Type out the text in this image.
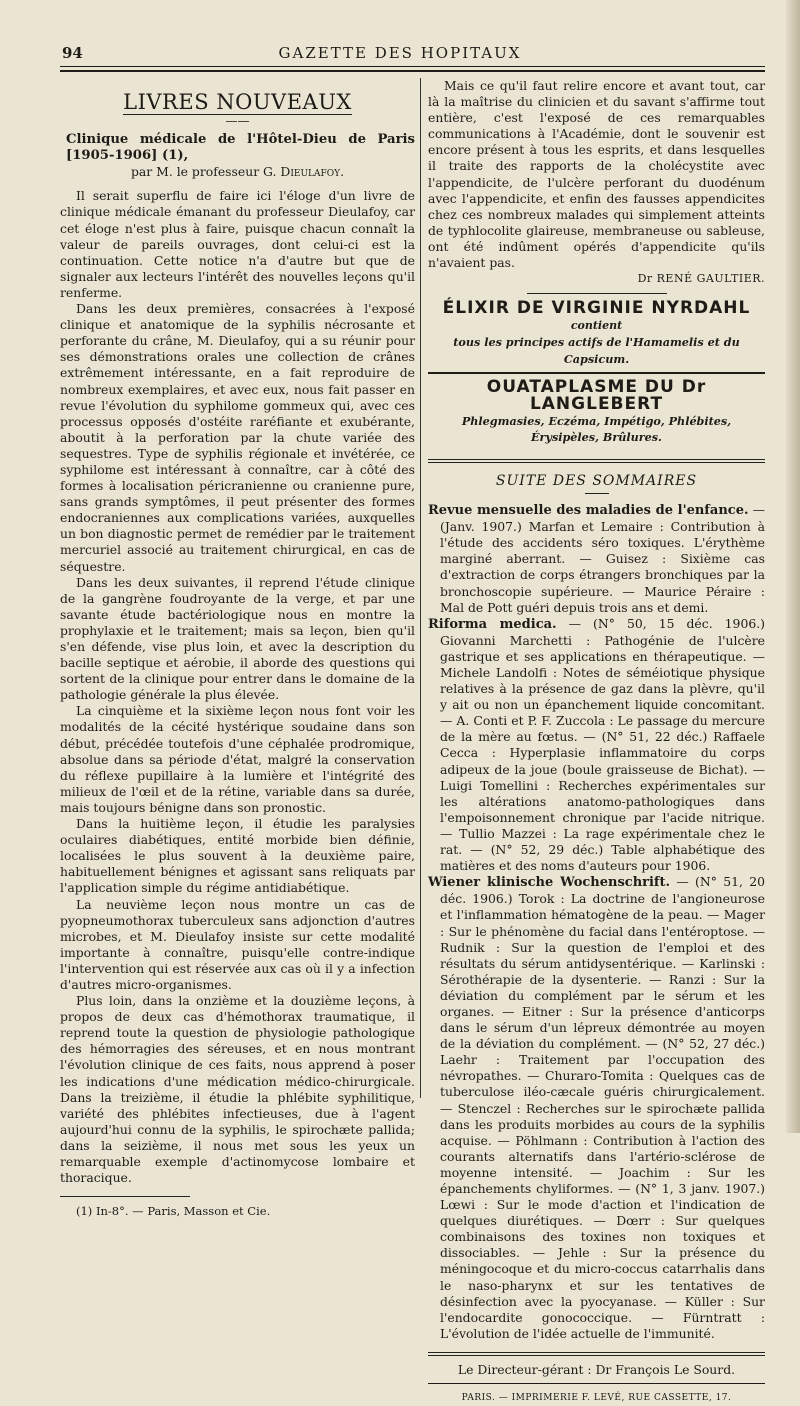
94	GAZETTE DES HOPITAUX
LIVRES NOUVEAUX
——
Clinique médicale de l'Hôtel-Dieu de Paris [1905-1906] (1),
par M. le professeur G. Dieulafoy.

Il serait superflu de faire ici l'éloge d'un livre de clinique médicale émanant du professeur Dieulafoy, car cet éloge n'est plus à faire, puisque chacun connaît la valeur de pareils ouvrages, dont celui-ci est la continuation. Cette notice n'a d'autre but que de signaler aux lecteurs l'intérêt des nouvelles leçons qu'il renferme.

Dans les deux premières, consacrées à l'exposé clinique et anatomique de la syphilis nécrosante et perforante du crâne, M. Dieulafoy, qui a su réunir pour ses démonstrations orales une collection de crânes extrêmement intéressante, en a fait reproduire de nombreux exemplaires, et avec eux, nous fait passer en revue l'évolution du syphilome gommeux qui, avec ces processus opposés d'ostéite raréfiante et exubérante, aboutit à la perforation par la chute variée des sequestres. Type de syphilis régionale et invétérée, ce syphilome est intéressant à connaître, car à côté des formes à localisation péricranienne ou cranienne pure, sans grands symptômes, il peut présenter des formes endocraniennes aux complications variées, auxquelles un bon diagnostic permet de remédier par le traitement mercuriel associé au traitement chirurgical, en cas de séquestre.

Dans les deux suivantes, il reprend l'étude clinique de la gangrène foudroyante de la verge, et par une savante étude bactériologique nous en montre la prophylaxie et le traitement; mais sa leçon, bien qu'il s'en défende, vise plus loin, et avec la description du bacille septique et aérobie, il aborde des questions qui sortent de la clinique pour entrer dans le domaine de la pathologie générale la plus élevée.

La cinquième et la sixième leçon nous font voir les modalités de la cécité hystérique soudaine dans son début, précédée toutefois d'une céphalée prodromique, absolue dans sa période d'état, malgré la conservation du réflexe pupillaire à la lumière et l'intégrité des milieux de l'œil et de la rétine, variable dans sa durée, mais toujours bénigne dans son pronostic.

Dans la huitième leçon, il étudie les paralysies oculaires diabétiques, entité morbide bien définie, localisées le plus souvent à la deuxième paire, habituellement bénignes et agissant sans reliquats par l'application simple du régime antidiabétique.

La neuvième leçon nous montre un cas de pyopneumothorax tuberculeux sans adjonction d'autres microbes, et M. Dieulafoy insiste sur cette modalité importante à connaître, puisqu'elle contre-indique l'intervention qui est réservée aux cas où il y a infection d'autres micro-organismes.

Plus loin, dans la onzième et la douzième leçons, à propos de deux cas d'hémothorax traumatique, il reprend toute la question de physiologie pathologique des hémorragies des séreuses, et en nous montrant l'évolution clinique de ces faits, nous apprend à poser les indications d'une médication médico-chirurgicale. Dans la treizième, il étudie la phlébite syphilitique, variété des phlébites infectieuses, due à l'agent aujourd'hui connu de la syphilis, le spirochæte pallida; dans la seizième, il nous met sous les yeux un remarquable exemple d'actinomycose lombaire et thoracique.

(1) In-8°. — Paris, Masson et Cie.

Mais ce qu'il faut relire encore et avant tout, car là la maîtrise du clinicien et du savant s'affirme tout entière, c'est l'exposé de ces remarquables communications à l'Académie, dont le souvenir est encore présent à tous les esprits, et dans lesquelles il traite des rapports de la cholécystite avec l'appendicite, de l'ulcère perforant du duodénum avec l'appendicite, et enfin des fausses appendicites chez ces nombreux malades qui simplement atteints de typhlocolite glaireuse, membraneuse ou sableuse, ont été indûment opérés d'appendicite qu'ils n'avaient pas.

Dr RENÉ GAULTIER.
ÉLIXIR DE VIRGINIE NYRDAHL contient
tous les principes actifs de l'Hamamelis et du Capsicum.
OUATAPLASME DU Dr LANGLEBERT
Phlegmasies, Eczéma, Impétigo, Phlébites, Érysipèles, Brûlures.
SUITE DES SOMMAIRES

Revue mensuelle des maladies de l'enfance. — (Janv. 1907.) Marfan et Lemaire : Contribution à l'étude des accidents séro toxiques. L'érythème marginé aberrant. — Guisez : Sixième cas d'extraction de corps étrangers bronchiques par la bronchoscopie supérieure. — Maurice Péraire : Mal de Pott guéri depuis trois ans et demi.

Riforma medica. — (N° 50, 15 déc. 1906.) Giovanni Marchetti : Pathogénie de l'ulcère gastrique et ses applications en thérapeutique. — Michele Landolfi : Notes de séméiotique physique relatives à la présence de gaz dans la plèvre, qu'il y ait ou non un épanchement liquide concomitant. — A. Conti et P. F. Zuccola : Le passage du mercure de la mère au fœtus. — (N° 51, 22 déc.) Raffaele Cecca : Hyperplasie inflammatoire du corps adipeux de la joue (boule graisseuse de Bichat). — Luigi Tomellini : Recherches expérimentales sur les altérations anatomo-pathologiques dans l'empoisonnement chronique par l'acide nitrique. — Tullio Mazzei : La rage expérimentale chez le rat. — (N° 52, 29 déc.) Table alphabétique des matières et des noms d'auteurs pour 1906.

Wiener klinische Wochenschrift. — (N° 51, 20 déc. 1906.) Torok : La doctrine de l'angioneurose et l'inflammation hématogène de la peau. — Mager : Sur le phénomène du facial dans l'entéroptose. — Rudnik : Sur la question de l'emploi et des résultats du sérum antidysentérique. — Karlinski : Sérothérapie de la dysenterie. — Ranzi : Sur la déviation du complément par le sérum et les organes. — Eitner : Sur la présence d'anticorps dans le sérum d'un lépreux démontrée au moyen de la déviation du complément. — (N° 52, 27 déc.) Laehr : Traitement par l'occupation des névropathes. — Churaro-Tomita : Quelques cas de tuberculose iléo-cæcale guéris chirurgicalement. — Stenczel : Recherches sur le spirochæte pallida dans les produits morbides au cours de la syphilis acquise. — Pöhlmann : Contribution à l'action des courants alternatifs dans l'artério-sclérose de moyenne intensité. — Joachim : Sur les épanchements chyliformes. — (N° 1, 3 janv. 1907.) Lœwi : Sur le mode d'action et l'indication de quelques diurétiques. — Dœrr : Sur quelques combinaisons des toxines non toxiques et dissociables. — Jehle : Sur la présence du méningocoque et du micro-coccus catarrhalis dans le naso-pharynx et sur les tentatives de désinfection avec la pyocyanase. — Küller : Sur l'endocardite gonococcique. — Fürntratt : L'évolution de l'idée actuelle de l'immunité.

Le Directeur-gérant : Dr François Le Sourd.
PARIS. — IMPRIMERIE F. LEVÉ, RUE CASSETTE, 17.
